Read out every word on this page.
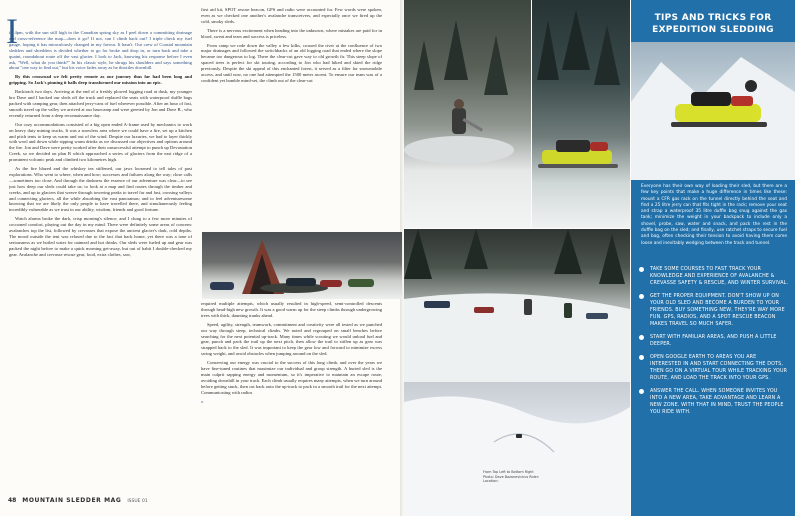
I

t's 4pm, with the sun still high in the Canadian spring sky as I peel down a committing drainage and cross-reference the map—does it go? If not, can I climb back out? I triple check my fuel gauge, hoping it has miraculously changed in my favour. It hasn't. Our crew of Coastal mountain sledders and shredders is divided whether to go for broke and drop in, or turn back and take a quaint, roundabout route off the vast glacier. I look to Jack, knowing his response before I even ask, "Well, what do you think?" In his classic style, he shrugs his shoulders and says something about "one way to find out," but his voice fades away as he throttles downhill.

By this crossroad we felt pretty remote as our journey thus far had been long and gripping. So Jack's pinning it balls deep transformed our mission into an epic.

Backtrack two days. Arriving at the end of a freshly plowed logging road at dusk, my younger bro Dave and I backed our sleds off the truck and replaced the seats with waterproof duffle bags packed with camping gear, then attached jerry-cans of fuel wherever possible. After an hour of fast, smooth travel up the valley we arrived at our basecamp and were greeted by Jon and Dave B., who recently returned from a deep reconnaissance day.

Our cozy accommodations consisted of a big open ended A-frame used by mechanics to work on heavy duty mining trucks. It was a snowless area where we could have a fire, set up a kitchen and pitch tents to keep us warm and out of the wind. Despite our luxuries, we had to layer thickly with wool and down while sipping warm drinks as we discussed our objectives and options around the fire. Jon and Dave were pretty worked after their unsuccessful attempt to punch up Devastation Creek, so we decided on plan B which approached a series of glaciers from the east ridge of a prominent volcanic peak and climbed two kilometres high.

As the fire blazed and the whiskey tea stiffened, our jaws loosened to tell tales of past explorations. Who went to where, when and how; successes and failures along the way; close calls—sometimes too close. And through the darkness the essence of our adventure was clear—to see just how deep our sleds could take us; to look at a map and find routes through the timber and creeks, and up to glaciers that weave through towering peaks to travel far and fast, crossing valleys and connecting glaciers, all the while absorbing the vast panoramas; and to feel adventuresome knowing that we are likely the only people to have travelled there, and simultaneously feeling incredibly vulnerable as we trust in our ability, wisdom, friends and good fortune.

Watch alarms broke the dark, crisp morning's silence, and I clung to a few more minutes of cocooned comfort, playing out the day in my mind. There were definitely some areas of concern: avalanches top the list, followed by crevasses that expose the ancient glacier's dark, cold depths. The mood outside the tent was relaxed due to the fact that back home, yet there was a tone of seriousness as we boiled water for oatmeal and hot drinks. Our sleds were fueled up and gear was packed the night before to make a quick morning get-away, but out of habit I double-checked my gear. Avalanche and crevasse rescue gear, food, extra clothes, saw,

first aid kit, SPOT rescue beacon, GPS and radio were accounted for. Few words were spoken, even as we checked one another's avalanche transceivers, and especially once we fired up the cold, smoky sleds.

There is a nervous excitement when heading into the unknown, where mistakes are paid for in blood, sweat and tears and success is priceless.

From camp we rode down the valley a few kilks, crossed the river at the confluence of two major drainages and followed the switchbacks of an old logging road that ended where the slope became too dangerous to log. There the clear-cut gave way to old growth fir. This steep slope of spaced trees is perfect for ski touring, according to Jon who had hiked and skied the ridge previously. Despite the ski appeal of this enchanted forest, it served as a filter for snowmobile access, and until now, no one had attempted the 1500 meter ascent. To ensure our team was of a confident yet humble mind-set, the climb out of the clear-cut

required multiple attempts, which usually resulted in high-speed, semi-controlled descents through head-high new growth. It was a good warm up for the steep climbs through undergrowing trees with thick, daunting trunks ahead.

Speed, agility, strength, teamwork, commitment and creativity were all tested as we punched our way through steep, technical climbs. We noted and regrouped on small benches before searching for the next potential up-track. Many times while scouting we would unload fuel and gear, punch and pack the trail up the next pitch, then allow the trail to stiffen up as gear was strapped back to the sled. It was important to keep the gear low and forward to minimize excess swing weight, and avoid obstacles when jumping around on the sled.

Conserving our energy was crucial to the success of this long climb, and over the years we have fine-tuned routines that maximize our individual and group strength. A buried sled is the main culprit sapping energy and momentum, so it's imperative to maintain an escape route, avoiding downhill in your track. Each climb usually requires many attempts, when we turn around before getting stuck, then cut back onto the up-track to pack in a smooth trail for the next attempt. Communicating with radios

»
48 MOUNTAIN SLEDDER MAG ISSUE 01
From Top Left to Bottom Right Photo: Dave Bazanevichus Rider: Location:
TIPS AND TRICKS FOR EXPEDITION SLEDDING
Everyone has their own way of loading their sled, but there are a few key points that make a huge difference in times like these: mount a CFR gas rack on the tunnel directly behind the seat and find a 25 litre jerry can that fits tight in the rack; remove your seat and strap a waterproof 35 litre duffle bag snug against the gas tank; minimize the weight in your backpack to include only a shovel, probe, saw, water and snack, and pack the rest in the duffle bag on the sled; and finally, use ratchet straps to secure fuel and bag, often checking their tension to avoid having them come loose and inevitably wedging between the track and tunnel.
TAKE SOME COURSES TO FAST TRACK YOUR KNOWLEDGE AND EXPERIENCE OF AVALANCHE & CREVASSE SAFETY & RESCUE, AND WINTER SURVIVAL.
GET THE PROPER EQUIPMENT. DON'T SHOW UP ON YOUR OLD SLED AND BECOME A BURDEN TO YOUR FRIENDS. BUY SOMETHING NEW, THEY'RE WAY MORE FUN. GPS, RADIOS, AND A SPOT RESCUE BEACON MAKES TRAVEL SO MUCH SAFER.
START WITH FAMILIAR AREAS, AND PUSH A LITTLE DEEPER.
OPEN GOOGLE EARTH TO AREAS YOU ARE INTERESTED IN AND START CONNECTING THE DOTS, THEN GO ON A VIRTUAL TOUR WHILE TRACKING YOUR ROUTE, AND LOAD THE TRACK INTO YOUR GPS.
ANSWER THE CALL. WHEN SOMEONE INVITES YOU INTO A NEW AREA, TAKE ADVANTAGE AND LEARN A NEW ZONE. WITH THAT IN MIND, TRUST THE PEOPLE YOU RIDE WITH.
